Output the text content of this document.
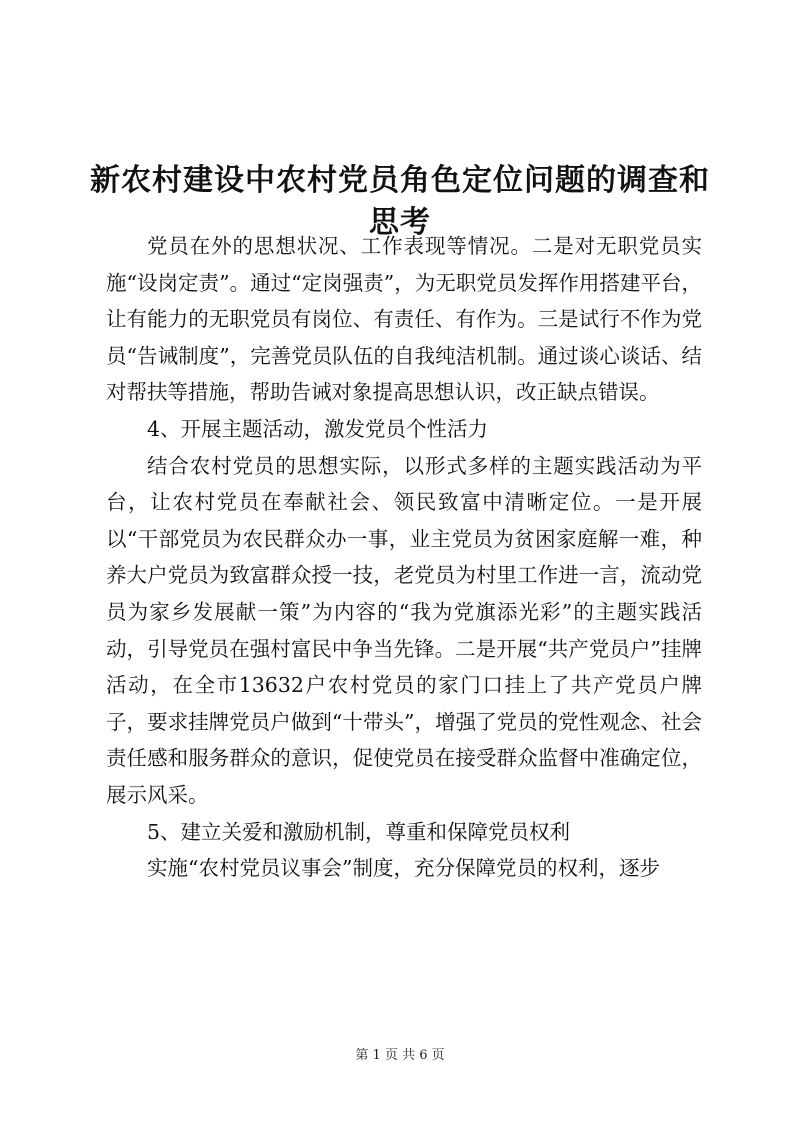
新农村建设中农村党员角色定位问题的调查和思考

党员在外的思想状况、工作表现等情况。二是对无职党员实施“设岗定责”。通过“定岗强责”，为无职党员发挥作用搭建平台，让有能力的无职党员有岗位、有责任、有作为。三是试行不作为党员“告诫制度”，完善党员队伍的自我纯洁机制。通过谈心谈话、结对帮扶等措施，帮助告诫对象提高思想认识，改正缺点错误。

4、开展主题活动，激发党员个性活力

结合农村党员的思想实际，以形式多样的主题实践活动为平台，让农村党员在奉献社会、领民致富中清晰定位。一是开展以“干部党员为农民群众办一事，业主党员为贫困家庭解一难，种养大户党员为致富群众授一技，老党员为村里工作进一言，流动党员为家乡发展献一策”为内容的“我为党旗添光彩”的主题实践活动，引导党员在强村富民中争当先锋。二是开展“共产党员户”挂牌活动，在全市13632户农村党员的家门口挂上了共产党员户牌子，要求挂牌党员户做到“十带头”，增强了党员的党性观念、社会责任感和服务群众的意识，促使党员在接受群众监督中准确定位，展示风采。

5、建立关爱和激励机制，尊重和保障党员权利

实施“农村党员议事会”制度，充分保障党员的权利，逐步

第 1 页 共 6 页
